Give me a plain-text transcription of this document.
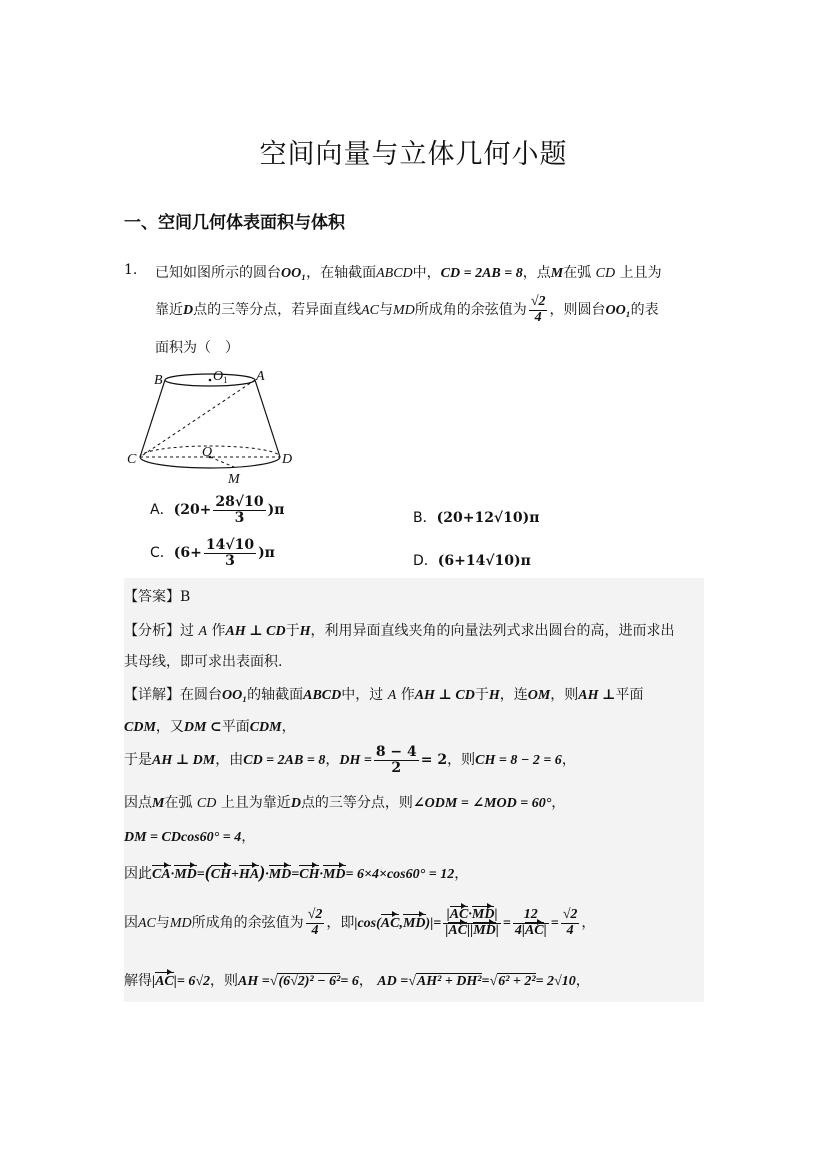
空间向量与立体几何小题
一、空间几何体表面积与体积
1. 已知如图所示的圆台OO₁，在轴截面ABCD中，CD = 2AB = 8，点M在弧 CD 上且为
靠近D点的三等分点，若异面直线AC与MD所成角的余弦值为 $\frac{√2}{4}$ ，则圆台OO₁的表
面积为（　）
B	A
O 1
C	D
O
M
A．$(20+ \frac{28√10}{3} )\pi$	B．(20+12√10)π
C．$(6+ \frac{14√10}{3} )\pi$	D．(6+14√10)π
【答案】B
【分析】过 A 作AH ⊥ CD于H，利用异面直线夹角的向量法列式求出圆台的高，进而求出
其母线，即可求出表面积.
【详解】在圆台OO₁的轴截面ABCD中，过 A 作AH ⊥ CD于H，连OM，则AH ⊥平面
CDM，又DM ⊂平面CDM，
于是AH ⊥ DM，由CD = 2AB = 8，DH = $\frac{8 - 4}{2} = 2$，则CH = 8 − 2 = 6，
因点M在弧 CD 上且为靠近D点的三等分点，则∠ODM = ∠MOD = 60°，
DM = CDcos60° = 4，
因此CA·MD=(CH+HA)·MD=CH·MD= 6×4×cos60° = 12，
因AC与MD所成角的余弦值为 $\frac{√2}{4}$ ，即$|\cos(AC,MD)|= \frac{|AC\cdot MD|}{|AC||MD|} = \frac{12}{4|AC|} = \frac{√2}{4}$ ，
解得|AC|= 6√2，则AH =√(6√2)² − 6²= 6， AD =√AH² + DH²=√6² + 2²= 2√10，
